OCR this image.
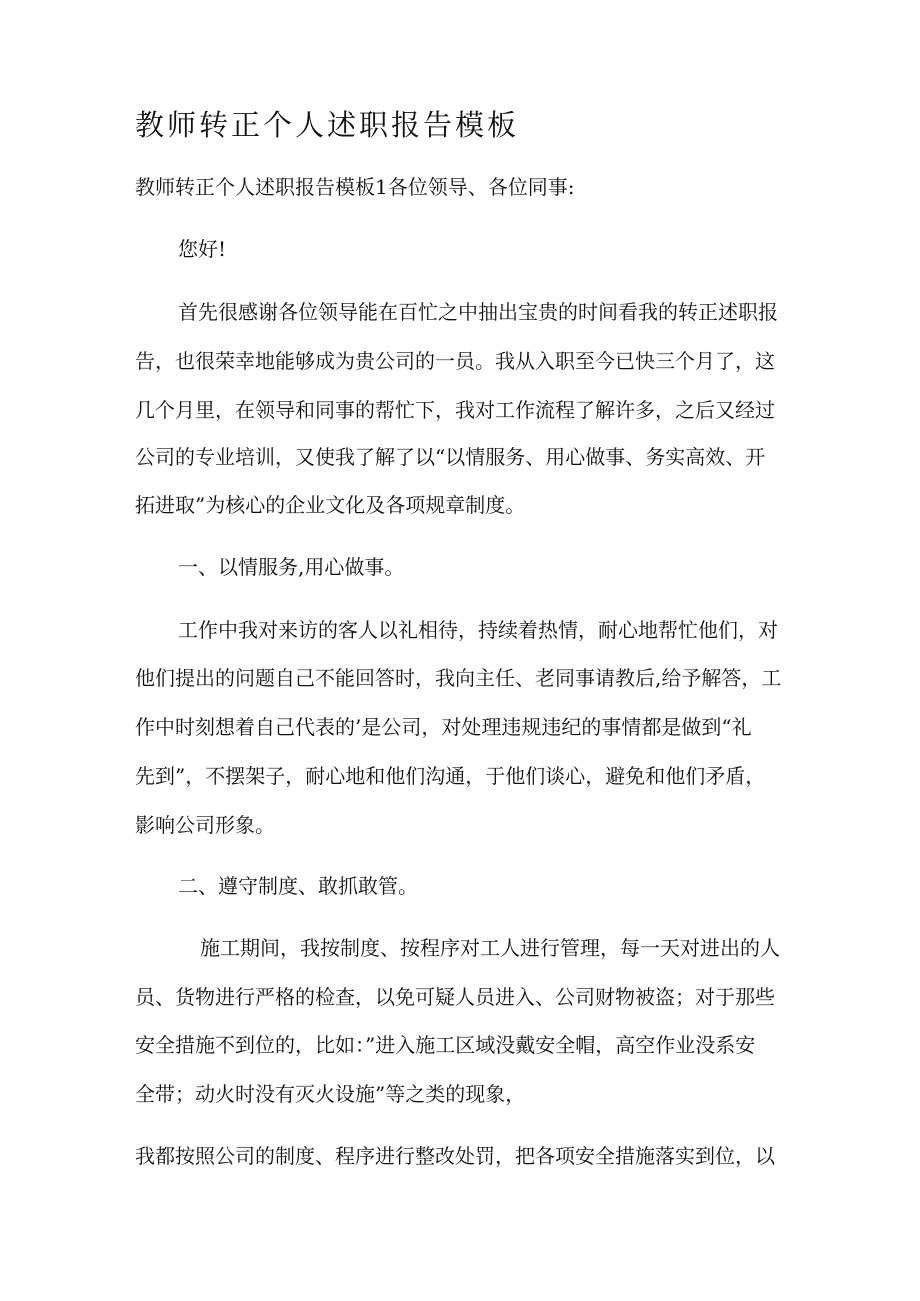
教师转正个人述职报告模板

教师转正个人述职报告模板1各位领导、各位同事:

您好!

首先很感谢各位领导能在百忙之中抽出宝贵的时间看我的转正述职报

告，也很荣幸地能够成为贵公司的一员。我从入职至今已快三个月了，这

几个月里，在领导和同事的帮忙下，我对工作流程了解许多，之后又经过

公司的专业培训，又使我了解了以“以情服务、用心做事、务实高效、开

拓进取”为核心的企业文化及各项规章制度。

一、以情服务,用心做事。

工作中我对来访的客人以礼相待，持续着热情，耐心地帮忙他们，对

他们提出的问题自己不能回答时，我向主任、老同事请教后,给予解答，工

作中时刻想着自己代表的’是公司，对处理违规违纪的事情都是做到“礼

先到”，不摆架子，耐心地和他们沟通，于他们谈心，避免和他们矛盾，

影响公司形象。

二、遵守制度、敢抓敢管。

施工期间，我按制度、按程序对工人进行管理，每一天对进出的人

员、货物进行严格的检查，以免可疑人员进入、公司财物被盗；对于那些

安全措施不到位的，比如：”进入施工区域没戴安全帽，高空作业没系安

全带；动火时没有灭火设施”等之类的现象，

我都按照公司的制度、程序进行整改处罚，把各项安全措施落实到位，以
